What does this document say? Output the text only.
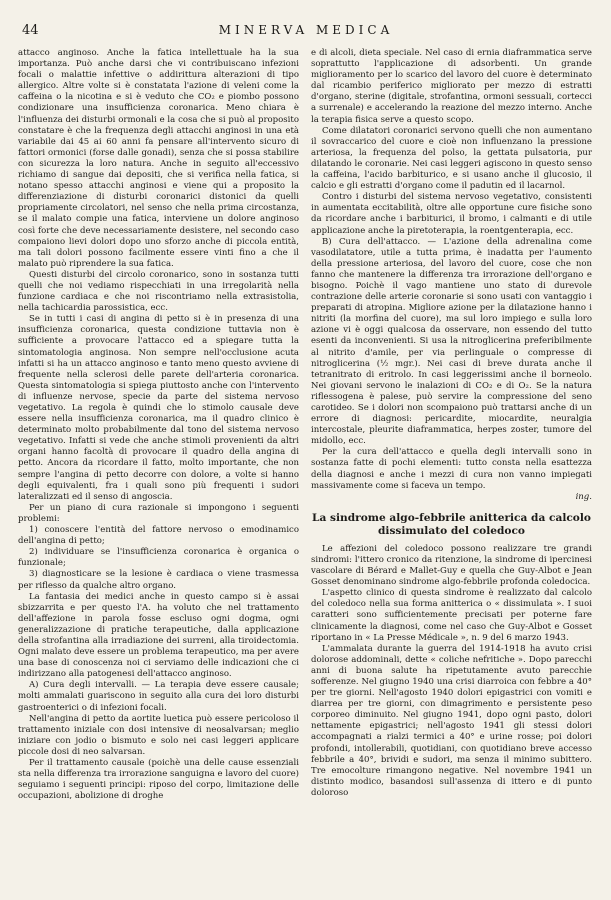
44	MINERVA MEDICA

attacco anginoso. Anche la fatica intellettuale ha la sua importanza. Può anche darsi che vi contribuiscano infezioni focali o malattie infettive o addirittura alterazioni di tipo allergico. Altre volte si è constatata l'azione di veleni come la caffeina o la nicotina e si è veduto che CO₂ e piombo possono condizionare una insufficienza coronarica. Meno chiara è l'influenza dei disturbi ormonali e la cosa che si può al proposito constatare è che la frequenza degli attacchi anginosi in una età variabile dai 45 ai 60 anni fa pensare all'intervento sicuro di fattori ormonici (forse dalle gonadi), senza che si possa stabilire con sicurezza la loro natura. Anche in seguito all'eccessivo richiamo di sangue dai depositi, che si verifica nella fatica, si notano spesso attacchi anginosi e viene qui a proposito la differenziazione di disturbi coronarici distonici da quelli propriamente circolatori, nel senso che nella prima circostanza, se il malato compie una fatica, interviene un dolore anginoso così forte che deve necessariamente desistere, nel secondo caso compaiono lievi dolori dopo uno sforzo anche di piccola entità, ma tali dolori possono facilmente essere vinti fino a che il malato può riprendere la sua fatica.

Questi disturbi del circolo coronarico, sono in sostanza tutti quelli che noi vediamo rispecchiati in una irregolarità nella funzione cardiaca e che noi riscontriamo nella extrasistolia, nella tachicardia parossistica, ecc.

Se in tutti i casi di angina di petto si è in presenza di una insufficienza coronarica, questa condizione tuttavia non è sufficiente a provocare l'attacco ed a spiegare tutta la sintomatologia anginosa. Non sempre nell'occlusione acuta infatti si ha un attacco anginoso e tanto meno questo avviene di frequente nella sclerosi delle parete dell'arteria coronarica. Questa sintomatologia si spiega piuttosto anche con l'intervento di influenze nervose, specie da parte del sistema nervoso vegetativo. La regola è quindi che lo stimolo causale deve essere nella insufficienza coronarica, ma il quadro clinico è determinato molto probabilmente dal tono del sistema nervoso vegetativo. Infatti si vede che anche stimoli provenienti da altri organi hanno facoltà di provocare il quadro della angina di petto. Ancora da ricordare il fatto, molto importante, che non sempre l'angina di petto decorre con dolore, a volte si hanno degli equivalenti, fra i quali sono più frequenti i sudori lateralizzati ed il senso di angoscia.

Per un piano di cura razionale si impongono i seguenti problemi:

1) conoscere l'entità del fattore nervoso o emodinamico dell'angina di petto;

2) individuare se l'insufficienza coronarica è organica o funzionale;

3) diagnosticare se la lesione è cardiaca o viene trasmessa per riflesso da qualche altro organo.

La fantasia dei medici anche in questo campo si è assai sbizzarrita e per questo l'A. ha voluto che nel trattamento dell'affezione in parola fosse escluso ogni dogma, ogni generalizzazione di pratiche terapeutiche, dalla applicazione della strofantina alla irradiazione dei surreni, alla tiroidectomia. Ogni malato deve essere un problema terapeutico, ma per avere una base di conoscenza noi ci serviamo delle indicazioni che ci indirizzano alla patogenesi dell'attacco anginoso.

A) Cura degli intervalli. — La terapia deve essere causale; molti ammalati guariscono in seguito alla cura dei loro disturbi gastroenterici o di infezioni focali.

Nell'angina di petto da aortite luetica può essere pericoloso il trattamento iniziale con dosi intensive di neosalvarsan; meglio iniziare con jodio o bismuto e solo nei casi leggeri applicare piccole dosi di neo salvarsan.

Per il trattamento causale (poichè una delle cause essenziali sta nella differenza tra irrorazione sanguigna e lavoro del cuore) seguiamo i seguenti principi: riposo del corpo, limitazione delle occupazioni, abolizione di droghe

e di alcoli, dieta speciale. Nel caso di ernia diaframmatica serve soprattutto l'applicazione di adsorbenti. Un grande miglioramento per lo scarico del lavoro del cuore è determinato dal ricambio periferico migliorato per mezzo di estratti d'organo, sterine (digitale, strofantina, ormoni sessuali, cortecci a surrenale) e accelerando la reazione del mezzo interno. Anche la terapia fisica serve a questo scopo.

Come dilatatori coronarici servono quelli che non aumentano il sovraccarico del cuore e cioè non influenzano la pressione arteriosa, la frequenza del polso, la gettata pulsatoria, pur dilatando le coronarie. Nei casi leggeri agiscono in questo senso la caffeina, l'acido barbiturico, e si usano anche il glucosio, il calcio e gli estratti d'organo come il padutin ed il lacarnol.

Contro i disturbi del sistema nervoso vegetativo, consistenti in aumentata eccitabilità, oltre alle opportune cure fisiche sono da ricordare anche i barbiturici, il bromo, i calmanti e di utile applicazione anche la piretoterapia, la roentgenterapia, ecc.

B) Cura dell'attacco. — L'azione della adrenalina come vasodilatatore, utile a tutta prima, è inadatta per l'aumento della pressione arteriosa, del lavoro del cuore, cose che non fanno che mantenere la differenza tra irrorazione dell'organo e bisogno. Poichè il vago mantiene uno stato di durevole contrazione delle arterie coronarie si sono usati con vantaggio i preparati di atropina. Migliore azione per la dilatazione hanno i nitriti (la morfina del cuore), ma sul loro impiego e sulla loro azione vi è oggi qualcosa da osservare, non essendo del tutto esenti da inconvenienti. Si usa la nitroglicerina preferibilmente al nitrito d'amile, per via perlinguale o compresse di nitroglicerina (½ mgr.). Nei casi di breve durata anche il tetranitrato di eritrolo. In casi leggerissimi anche il borneolo. Nei giovani servono le inalazioni di CO₂ e di O₂. Se la natura riflessogena è palese, può servire la compressione del seno carotideo. Se i dolori non scompaiono può trattarsi anche di un errore di diagnosi: pericardite, miocardite, neuralgia intercostale, pleurite diaframmatica, herpes zoster, tumore del midollo, ecc.

Per la cura dell'attacco e quella degli intervalli sono in sostanza fatte di pochi elementi: tutto consta nella esattezza della diagnosi e anche i mezzi di cura non vanno impiegati massivamente come si faceva un tempo.

ing.
La sindrome algo-febbrile anitterica da calcolo dissimulato del coledoco

Le affezioni del coledoco possono realizzare tre grandi sindromi: l'ittero cronico da ritenzione, la sindrome di ipercinesi vascolare di Bérard e Mallet-Guy e quella che Guy-Albot e Jean Gosset denominano sindrome algo-febbrile profonda coledocica.

L'aspetto clinico di questa sindrome è realizzato dal calcolo del coledoco nella sua forma anitterica o « dissimulata ». I suoi caratteri sono sufficientemente precisati per poterne fare clinicamente la diagnosi, come nel caso che Guy-Albot e Gosset riportano in « La Presse Médicale », n. 9 del 6 marzo 1943.

L'ammalata durante la guerra del 1914-1918 ha avuto crisi dolorose addominali, dette « coliche nefritiche ». Dopo parecchi anni di buona salute ha ripetutamente avuto parecchie sofferenze. Nel giugno 1940 una crisi diarroica con febbre a 40° per tre giorni. Nell'agosto 1940 dolori epigastrici con vomiti e diarrea per tre giorni, con dimagrimento e persistente peso corporeo diminuito. Nel giugno 1941, dopo ogni pasto, dolori nettamente epigastrici; nell'agosto 1941 gli stessi dolori accompagnati a rialzi termici a 40° e urine rosse; poi dolori profondi, intollerabili, quotidiani, con quotidiano breve accesso febbrile a 40°, brividi e sudori, ma senza il minimo subittero. Tre emocolture rimangono negative. Nel novembre 1941 un distinto modico, basandosi sull'assenza di ittero e di punto doloroso
